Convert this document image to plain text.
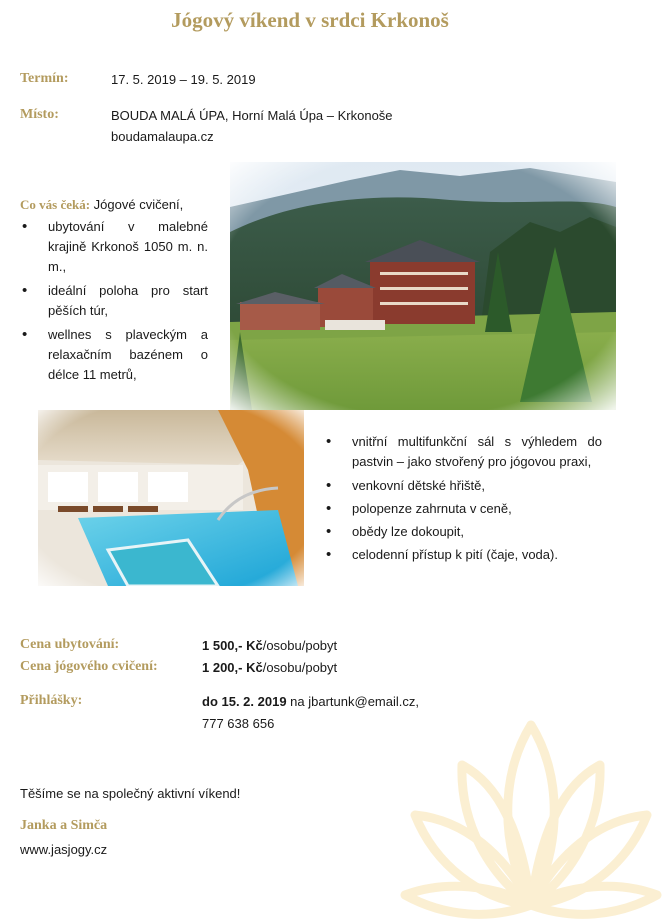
Jógový víkend v srdci Krkonoš
Termín:	17. 5. 2019 – 19. 5. 2019
Místo:	BOUDA MALÁ ÚPA, Horní Malá Úpa – Krkonoše
boudamalaupa.cz
Co vás čeká: Jógové cvičení,
• ubytování v malebné krajině Krkonoš 1050 m. n. m.,
• ideální poloha pro start pěších túr,
• wellnes s plaveckým a relaxačním bazénem o délce 11 metrů,
• vnitřní multifunkční sál s výhledem do pastvin – jako stvořený pro jógovou praxi,
• venkovní dětské hřiště,
• polopenze zahrnuta v ceně,
• obědy lze dokoupit,
• celodenní přístup k pití (čaje, voda).
Cena ubytování:	1 500,- Kč/osobu/pobyt
Cena jógového cvičení:	1 200,- Kč/osobu/pobyt
Přihlášky:	do 15. 2. 2019 na jbartunk@email.cz,
777 638 656
Těšíme se na společný aktivní víkend!
Janka a Simča
www.jasjogy.cz
